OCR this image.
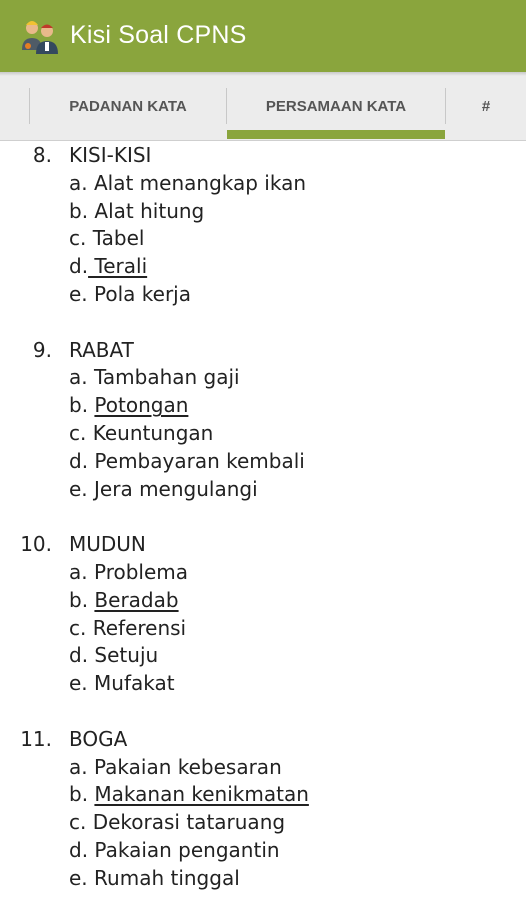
Kisi Soal CPNS
PADANAN KATA	PERSAMAAN KATA	#
8. KISI-KISI
a. Alat menangkap ikan
b. Alat hitung
c. Tabel
d. Terali
e. Pola kerja
9. RABAT
a. Tambahan gaji
b. Potongan
c. Keuntungan
d. Pembayaran kembali
e. Jera mengulangi
10. MUDUN
a. Problema
b. Beradab
c. Referensi
d. Setuju
e. Mufakat
11. BOGA
a. Pakaian kebesaran
b. Makanan kenikmatan
c. Dekorasi tataruang
d. Pakaian pengantin
e. Rumah tinggal
